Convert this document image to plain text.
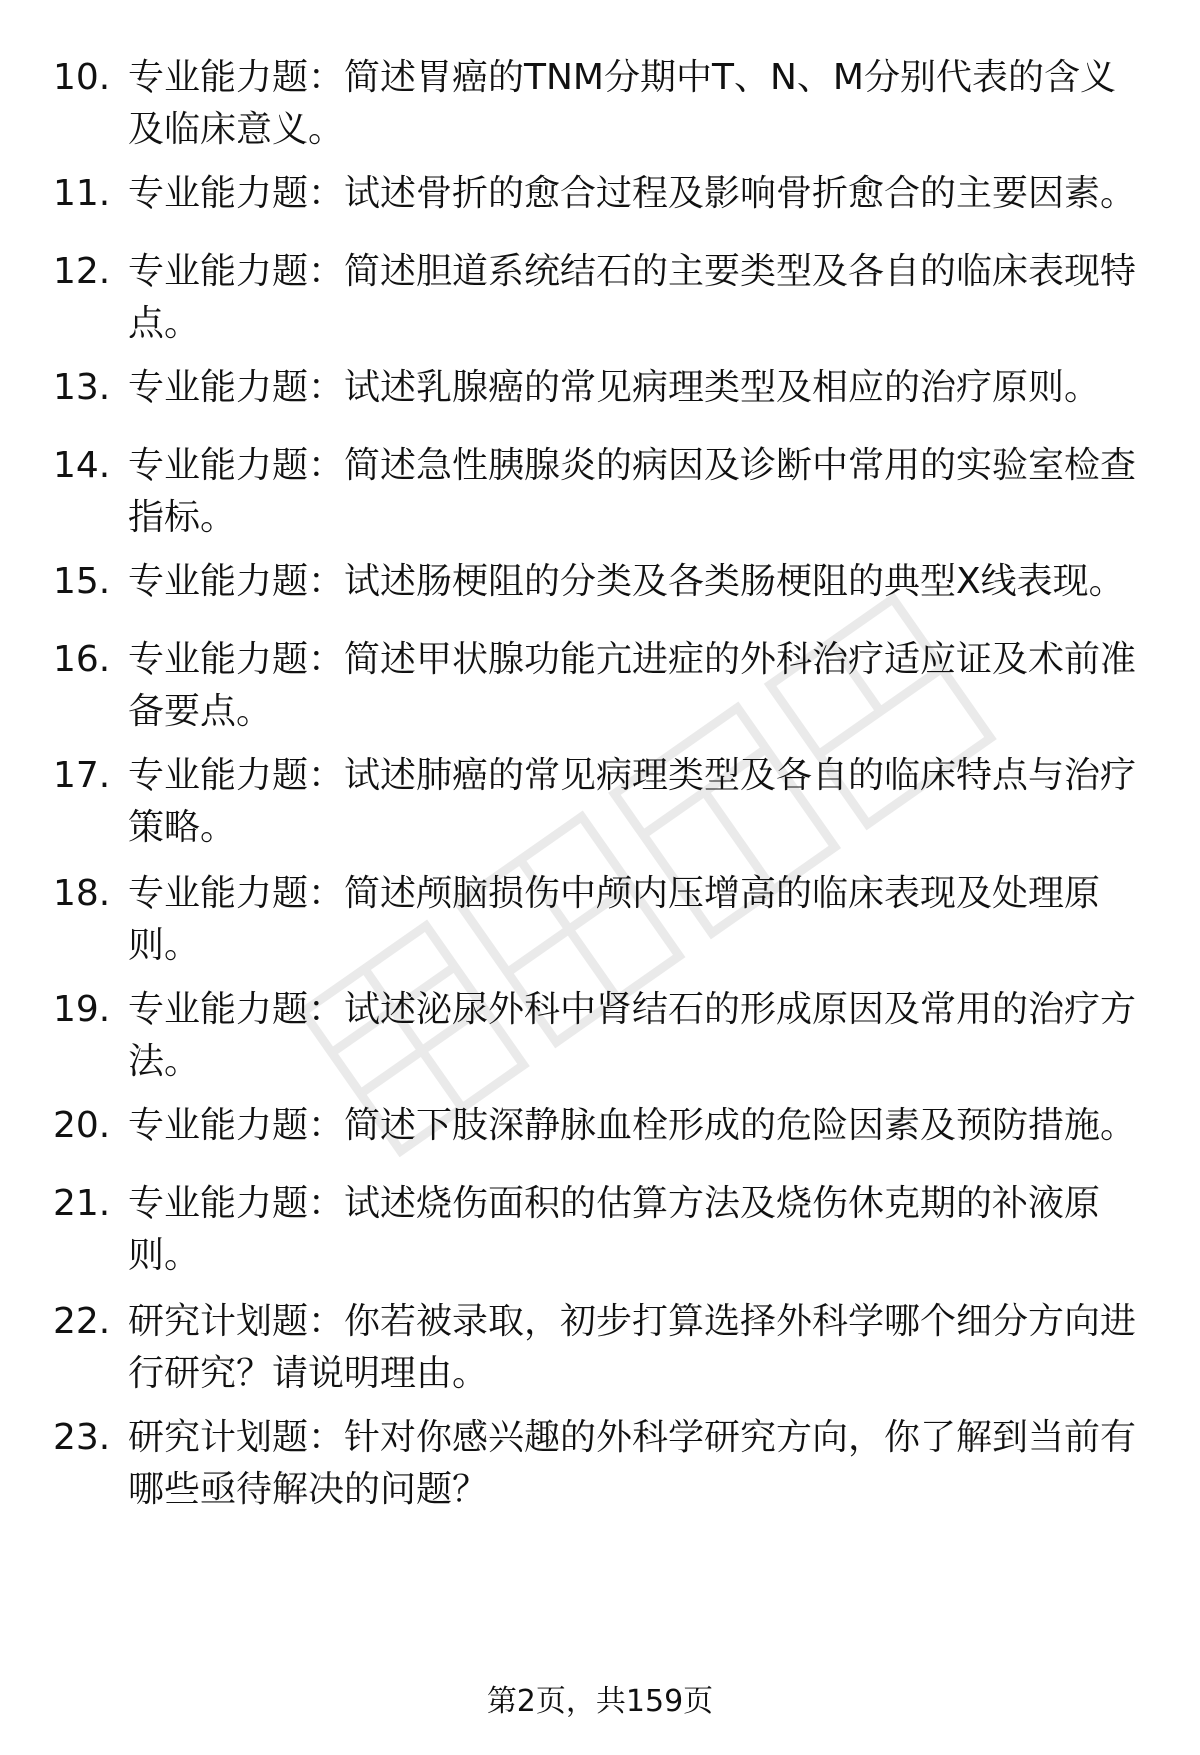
10. 专业能力题：简述胃癌的TNM分期中T、N、M分别代表的含义及临床意义。
11. 专业能力题：试述骨折的愈合过程及影响骨折愈合的主要因素。
12. 专业能力题：简述胆道系统结石的主要类型及各自的临床表现特点。
13. 专业能力题：试述乳腺癌的常见病理类型及相应的治疗原则。
14. 专业能力题：简述急性胰腺炎的病因及诊断中常用的实验室检查指标。
15. 专业能力题：试述肠梗阻的分类及各类肠梗阻的典型X线表现。
16. 专业能力题：简述甲状腺功能亢进症的外科治疗适应证及术前准备要点。
17. 专业能力题：试述肺癌的常见病理类型及各自的临床特点与治疗策略。
18. 专业能力题：简述颅脑损伤中颅内压增高的临床表现及处理原则。
19. 专业能力题：试述泌尿外科中肾结石的形成原因及常用的治疗方法。
20. 专业能力题：简述下肢深静脉血栓形成的危险因素及预防措施。
21. 专业能力题：试述烧伤面积的估算方法及烧伤休克期的补液原则。
22. 研究计划题：你若被录取，初步打算选择外科学哪个细分方向进行研究？请说明理由。
23. 研究计划题：针对你感兴趣的外科学研究方向，你了解到当前有哪些亟待解决的问题？
第2页，共159页
